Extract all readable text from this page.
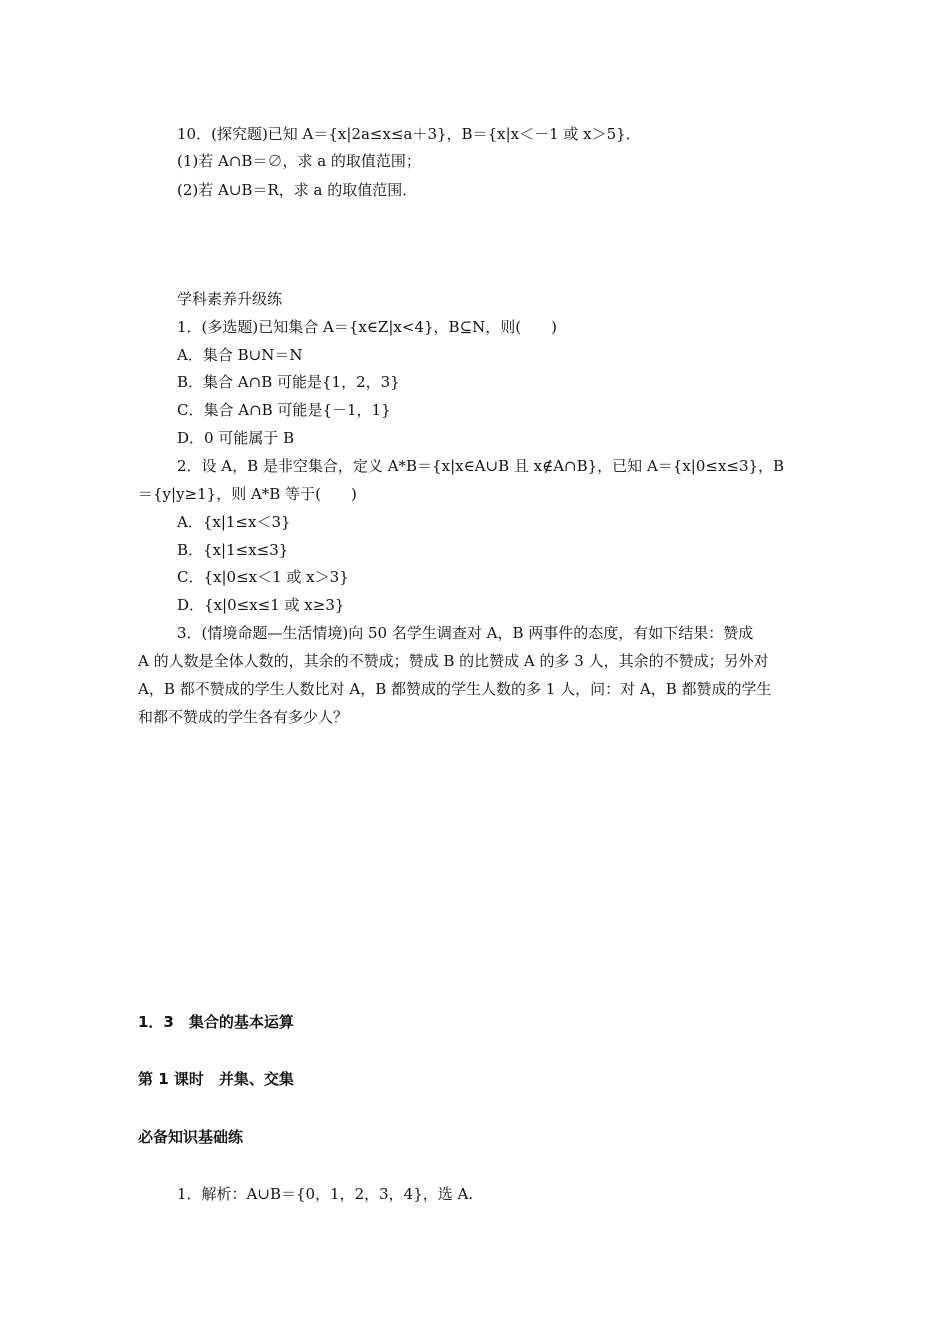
10．(探究题)已知 A＝{x|2a≤x≤a＋3}，B＝{x|x＜－1 或 x＞5}．
(1)若 A∩B＝∅，求 a 的取值范围；
(2)若 A∪B＝R，求 a 的取值范围．
学科素养升级练
1．(多选题)已知集合 A＝{x∈Z|x<4}，B⊆N，则(　　)
A．集合 B∪N＝N
B．集合 A∩B 可能是{1，2，3}
C．集合 A∩B 可能是{－1，1}
D．0 可能属于 B
2．设 A，B 是非空集合，定义 A*B＝{x|x∈A∪B 且 x∉A∩B}，已知 A＝{x|0≤x≤3}，B
＝{y|y≥1}，则 A*B 等于(　　)
A．{x|1≤x＜3}
B．{x|1≤x≤3}
C．{x|0≤x＜1 或 x＞3}
D．{x|0≤x≤1 或 x≥3}
3．(情境命题—生活情境)向 50 名学生调查对 A，B 两事件的态度，有如下结果：赞成
A 的人数是全体人数的，其余的不赞成；赞成 B 的比赞成 A 的多 3 人，其余的不赞成；另外对
A，B 都不赞成的学生人数比对 A，B 都赞成的学生人数的多 1 人，问：对 A，B 都赞成的学生
和都不赞成的学生各有多少人？
1．3　集合的基本运算
第 1 课时　并集、交集
必备知识基础练
1．解析：A∪B＝{0，1，2，3，4}，选 A.
